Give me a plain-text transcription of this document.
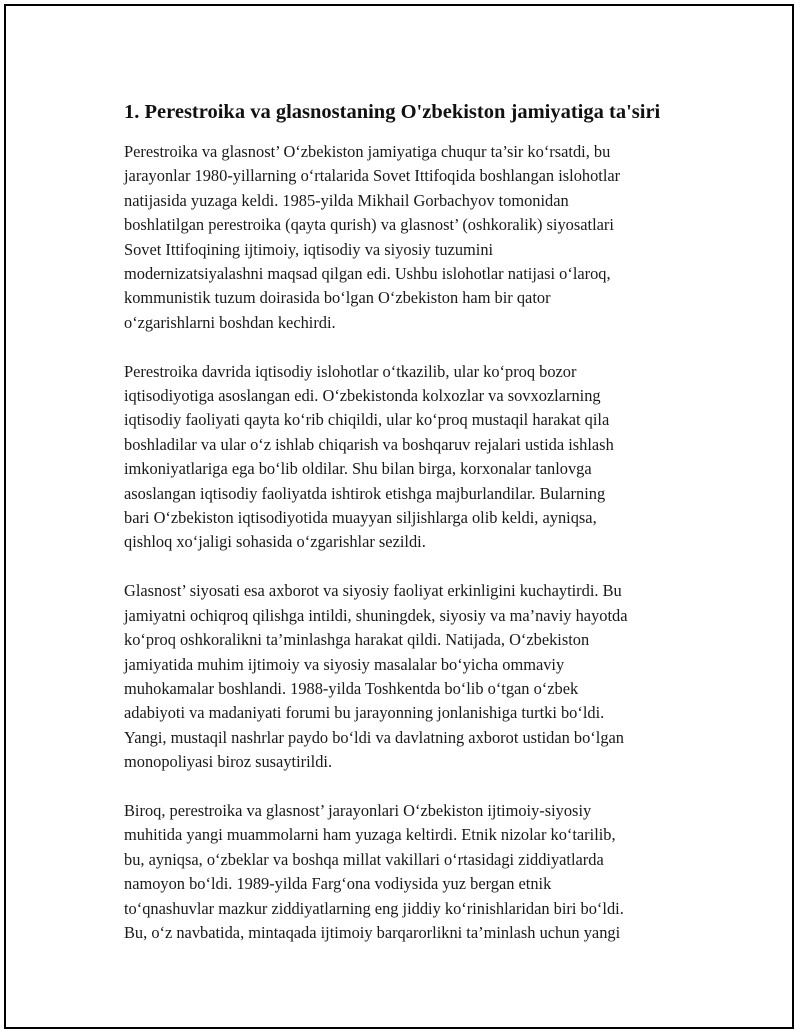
1. Perestroika va glasnostaning O'zbekiston jamiyatiga ta'siri

Perestroika va glasnost’ O‘zbekiston jamiyatiga chuqur ta’sir ko‘rsatdi, bu
jarayonlar 1980-yillarning o‘rtalarida Sovet Ittifoqida boshlangan islohotlar
natijasida yuzaga keldi. 1985-yilda Mikhail Gorbachyov tomonidan
boshlatilgan perestroika (qayta qurish) va glasnost’ (oshkoralik) siyosatlari
Sovet Ittifoqining ijtimoiy, iqtisodiy va siyosiy tuzumini
modernizatsiyalashni maqsad qilgan edi. Ushbu islohotlar natijasi o‘laroq,
kommunistik tuzum doirasida bo‘lgan O‘zbekiston ham bir qator
o‘zgarishlarni boshdan kechirdi.

Perestroika davrida iqtisodiy islohotlar o‘tkazilib, ular ko‘proq bozor
iqtisodiyotiga asoslangan edi. O‘zbekistonda kolxozlar va sovxozlarning
iqtisodiy faoliyati qayta ko‘rib chiqildi, ular ko‘proq mustaqil harakat qila
boshladilar va ular o‘z ishlab chiqarish va boshqaruv rejalari ustida ishlash
imkoniyatlariga ega bo‘lib oldilar. Shu bilan birga, korxonalar tanlovga
asoslangan iqtisodiy faoliyatda ishtirok etishga majburlandilar. Bularning
bari O‘zbekiston iqtisodiyotida muayyan siljishlarga olib keldi, ayniqsa,
qishloq xo‘jaligi sohasida o‘zgarishlar sezildi.

Glasnost’ siyosati esa axborot va siyosiy faoliyat erkinligini kuchaytirdi. Bu
jamiyatni ochiqroq qilishga intildi, shuningdek, siyosiy va ma’naviy hayotda
ko‘proq oshkoralikni ta’minlashga harakat qildi. Natijada, O‘zbekiston
jamiyatida muhim ijtimoiy va siyosiy masalalar bo‘yicha ommaviy
muhokamalar boshlandi. 1988-yilda Toshkentda bo‘lib o‘tgan o‘zbek
adabiyoti va madaniyati forumi bu jarayonning jonlanishiga turtki bo‘ldi.
Yangi, mustaqil nashrlar paydo bo‘ldi va davlatning axborot ustidan bo‘lgan
monopoliyasi biroz susaytirildi.

Biroq, perestroika va glasnost’ jarayonlari O‘zbekiston ijtimoiy-siyosiy
muhitida yangi muammolarni ham yuzaga keltirdi. Etnik nizolar ko‘tarilib,
bu, ayniqsa, o‘zbeklar va boshqa millat vakillari o‘rtasidagi ziddiyatlarda
namoyon bo‘ldi. 1989-yilda Farg‘ona vodiysida yuz bergan etnik
to‘qnashuvlar mazkur ziddiyatlarning eng jiddiy ko‘rinishlaridan biri bo‘ldi.
Bu, o‘z navbatida, mintaqada ijtimoiy barqarorlikni ta’minlash uchun yangi
